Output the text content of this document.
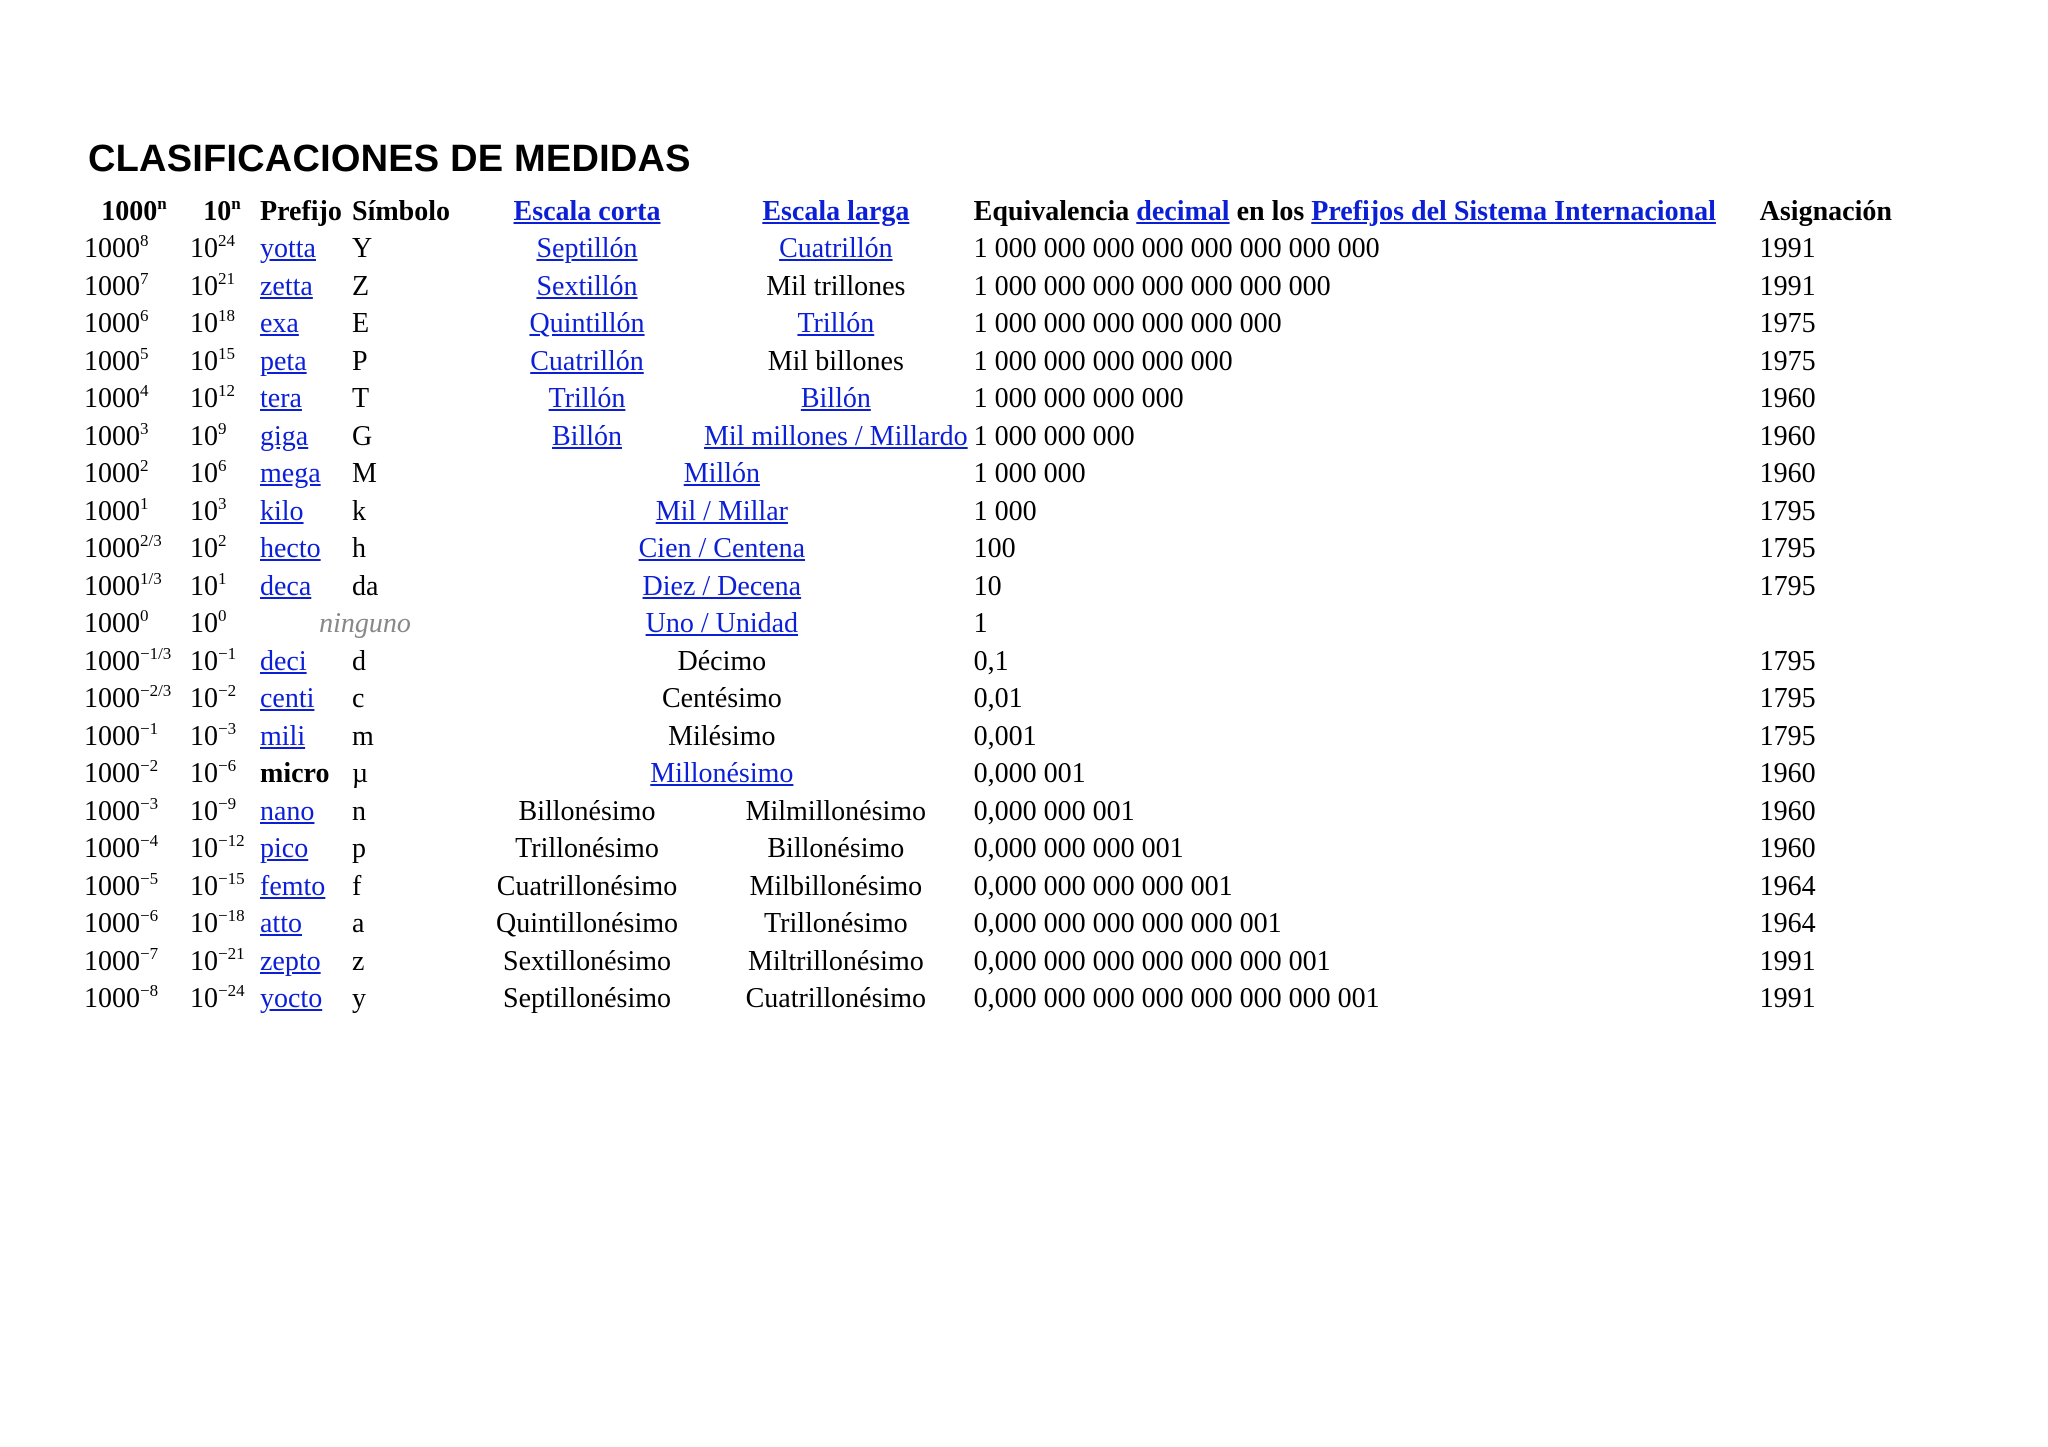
CLASIFICACIONES DE MEDIDAS
1000$^n$	10$^n$	Prefijo	Símbolo	Escala corta	Escala larga	Equivalencia decimal en los Prefijos del Sistema Internacional	Asignación
1000$^8$	$10^{24}$	yotta	Y	Septillón	Cuatrillón	1 000 000 000 000 000 000 000 000	1991
1000$^7$	$10^{21}$	zetta	Z	Sextillón	Mil trillones	1 000 000 000 000 000 000 000	1991
1000$^6$	$10^{18}$	exa	E	Quintillón	Trillón	1 000 000 000 000 000 000	1975
1000$^5$	$10^{15}$	peta	P	Cuatrillón	Mil billones	1 000 000 000 000 000	1975
1000$^4$	$10^{12}$	tera	T	Trillón	Billón	1 000 000 000 000	1960
1000$^3$	$10^9$	giga	G	Billón	Mil millones / Millardo	1 000 000 000	1960
1000$^2$	$10^6$	mega	M	Millón		1 000 000	1960
1000$^1$	$10^3$	kilo	k	Mil / Millar		1 000	1795
$1000^{2/3}$	$10^2$	hecto	h	Cien / Centena		100	1795
$1000^{1/3}$	$10^1$	deca	da	Diez / Decena		10	1795
1000$^0$	$10^0$	ninguno		Uno / Unidad		1	
$1000^{-1/3}$	$10^{-1}$	deci	d	Décimo		0,1	1795
$1000^{-2/3}$	$10^{-2}$	centi	c	Centésimo		0,01	1795
$1000^{-1}$	$10^{-3}$	mili	m	Milésimo		0,001	1795
$1000^{-2}$	$10^{-6}$	micro	µ	Millonésimo		0,000 001	1960
$1000^{-3}$	$10^{-9}$	nano	n	Billonésimo	Milmillonésimo	0,000 000 001	1960
$1000^{-4}$	$10^{-12}$	pico	p	Trillonésimo	Billonésimo	0,000 000 000 001	1960
$1000^{-5}$	$10^{-15}$	femto	f	Cuatrillonésimo	Milbillonésimo	0,000 000 000 000 001	1964
$1000^{-6}$	$10^{-18}$	atto	a	Quintillonésimo	Trillonésimo	0,000 000 000 000 000 001	1964
$1000^{-7}$	$10^{-21}$	zepto	z	Sextillonésimo	Miltrillonésimo	0,000 000 000 000 000 000 001	1991
$1000^{-8}$	$10^{-24}$	yocto	y	Septillonésimo	Cuatrillonésimo	0,000 000 000 000 000 000 000 001	1991
